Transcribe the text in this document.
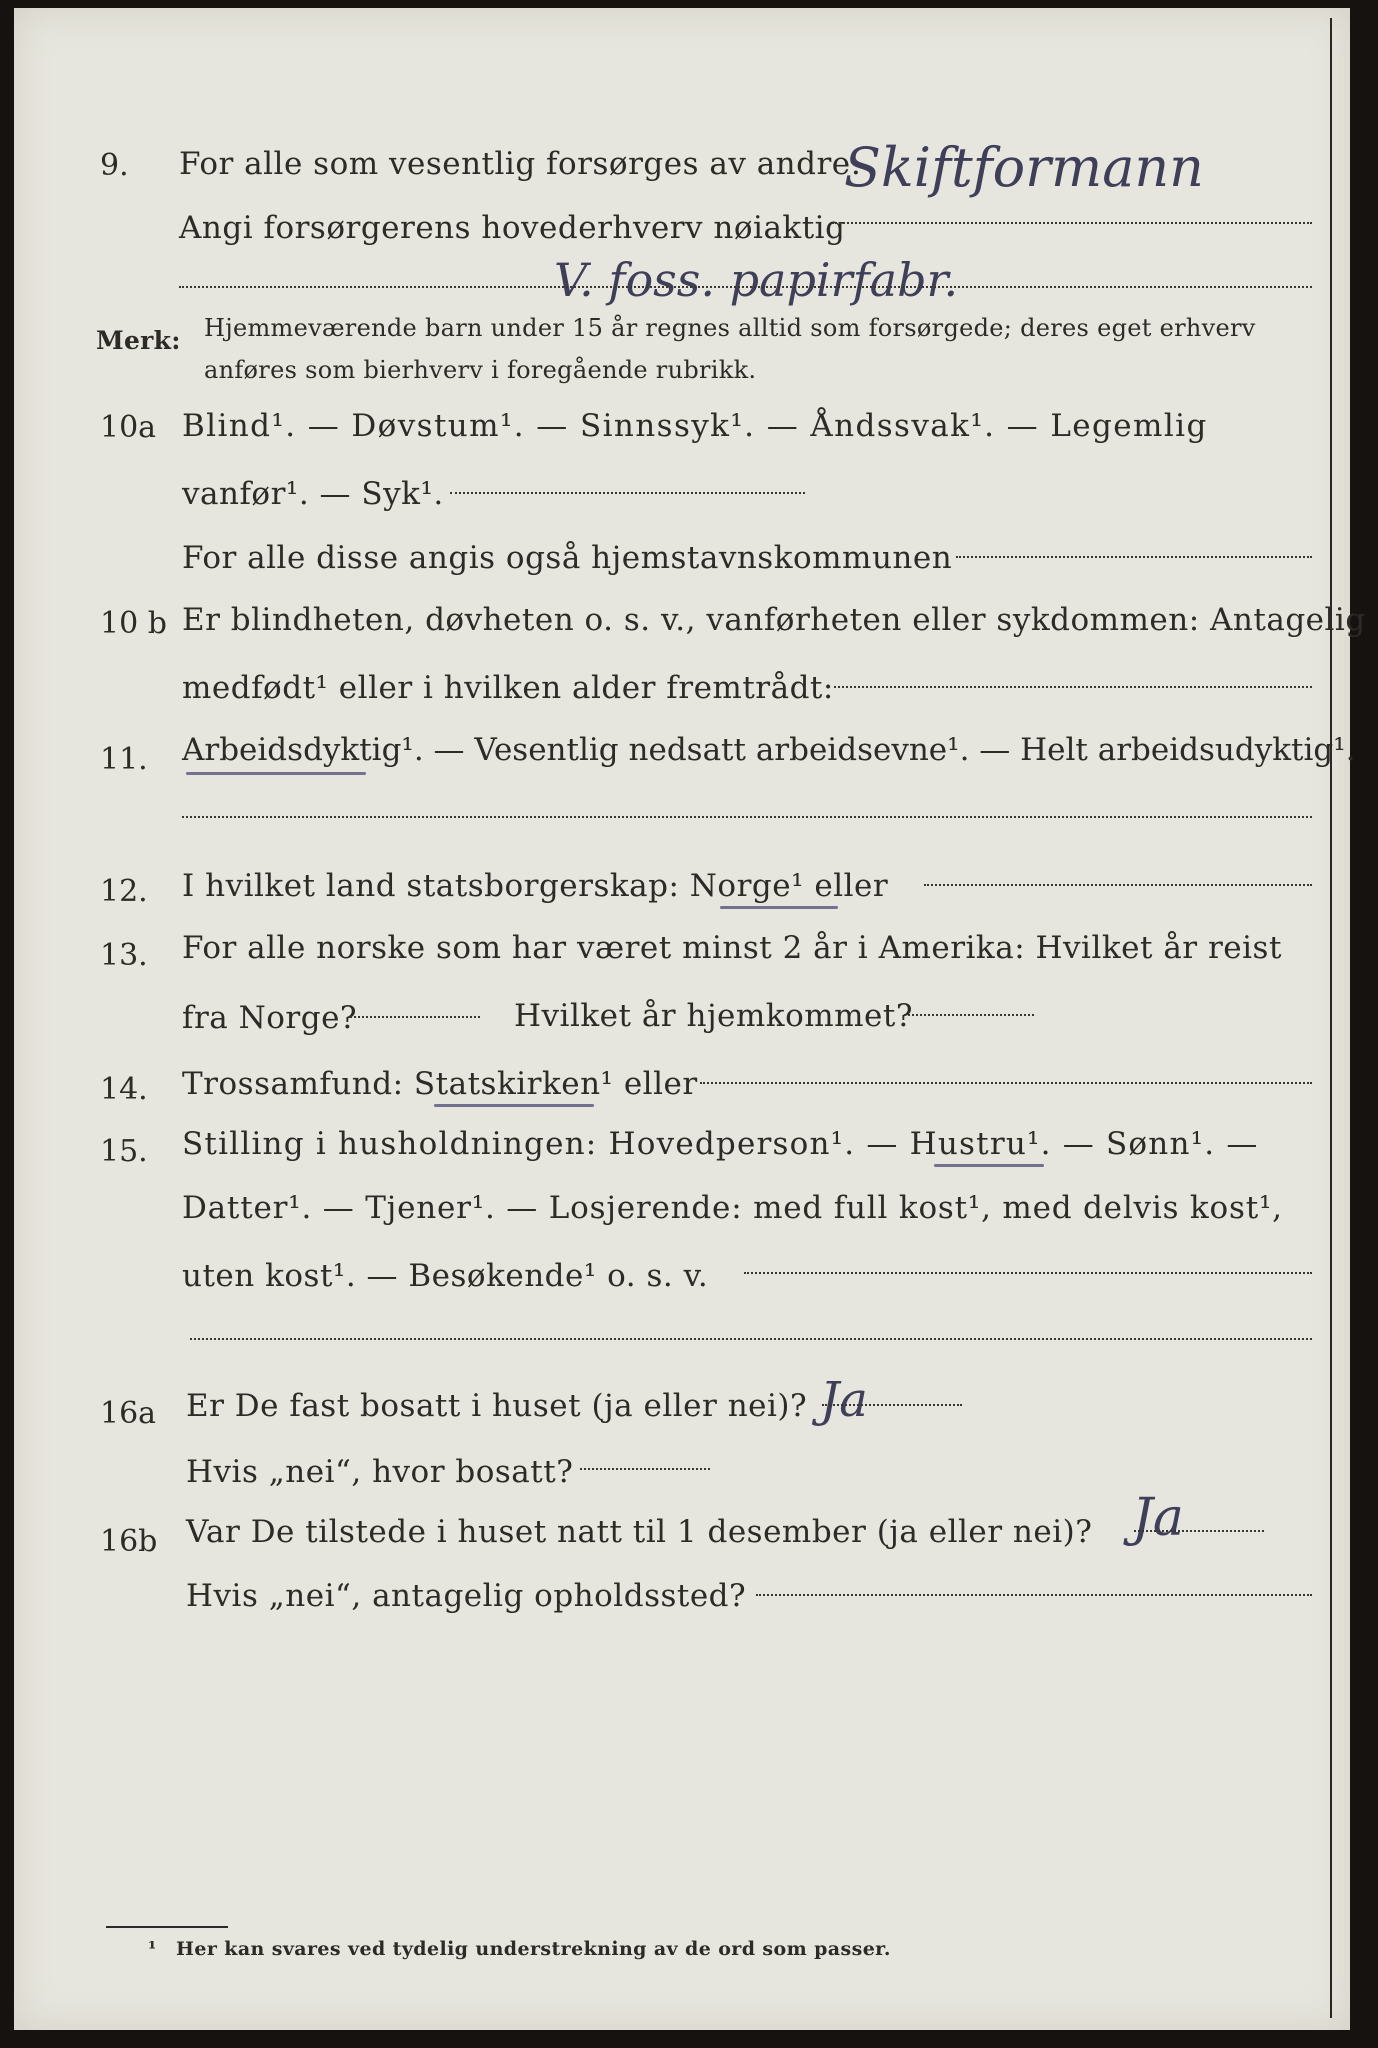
9.	For alle som vesentlig forsørges av andre:
Skiftformann
Angi forsørgerens hovederhverv nøiaktig
V. foss. papirfabr.
Merk: Hjemmeværende barn under 15 år regnes alltid som forsørgede; deres eget erhverv
anføres som bierhverv i foregående rubrikk.
10a Blind¹. — Døvstum¹. — Sinnssyk¹. — Åndssvak¹. — Legemlig
vanfør¹. — Syk¹.
For alle disse angis også hjemstavnskommunen
10 b Er blindheten, døvheten o. s. v., vanførheten eller sykdommen: Antagelig
medfødt¹ eller i hvilken alder fremtrådt:
11.	Arbeidsdyktig¹. — Vesentlig nedsatt arbeidsevne¹. — Helt arbeidsudyktig¹.
12.	I hvilket land statsborgerskap: Norge¹ eller
13.	For alle norske som har været minst 2 år i Amerika: Hvilket år reist
fra Norge?	Hvilket år hjemkommet?
14.	Trossamfund: Statskirken¹ eller
15.	Stilling i husholdningen: Hovedperson¹. — Hustru¹. — Sønn¹. —
Datter¹. — Tjener¹. — Losjerende: med full kost¹, med delvis kost¹,
uten kost¹. — Besøkende¹ o. s. v.
16a Er De fast bosatt i huset (ja eller nei)? Ja
Hvis „nei“, hvor bosatt?
16b Var De tilstede i huset natt til 1 desember (ja eller nei)? Ja
Hvis „nei“, antagelig opholdssted?
¹ Her kan svares ved tydelig understrekning av de ord som passer.
